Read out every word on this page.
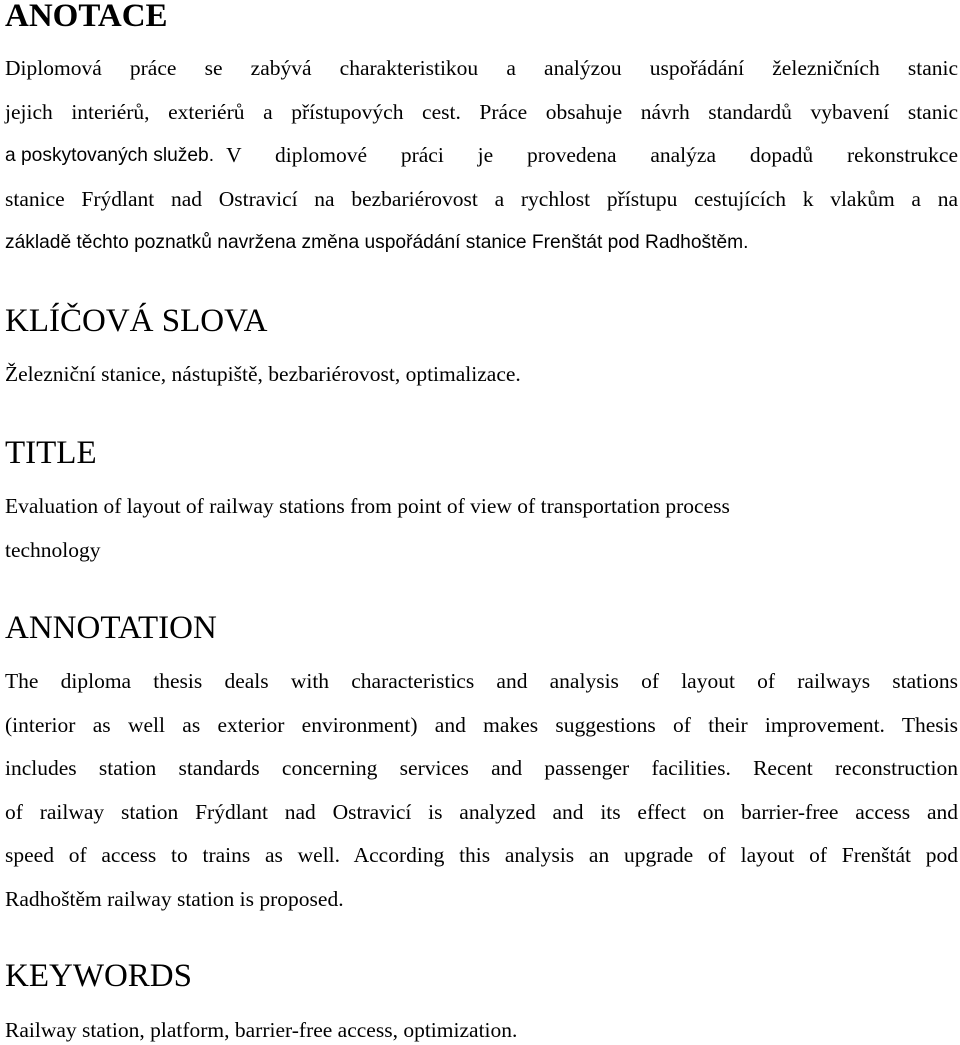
ANOTACE
Diplomová práce se zabývá charakteristikou a analýzou uspořádání železničních stanic
jejich interiérů, exteriérů a přístupových cest. Práce obsahuje návrh standardů vybavení stanic
a poskytovaných služeb. V diplomové práci je provedena analýza dopadů rekonstrukce
stanice Frýdlant nad Ostravicí na bezbariérovost a rychlost přístupu cestujících k vlakům a na
základě těchto poznatků navržena změna uspořádání stanice Frenštát pod Radhoštěm.
KLÍČOVÁ SLOVA

Železniční stanice, nástupiště, bezbariérovost, optimalizace.

TITLE
Evaluation of layout of railway stations from point of view of transportation process
technology
ANNOTATION
The diploma thesis deals with characteristics and analysis of layout of railways stations
(interior as well as exterior environment) and makes suggestions of their improvement. Thesis
includes station standards concerning services and passenger facilities. Recent reconstruction
of railway station Frýdlant nad Ostravicí is analyzed and its effect on barrier-free access and
speed of access to trains as well. According this analysis an upgrade of layout of Frenštát pod
Radhoštěm railway station is proposed.
KEYWORDS

Railway station, platform, barrier-free access, optimization.
